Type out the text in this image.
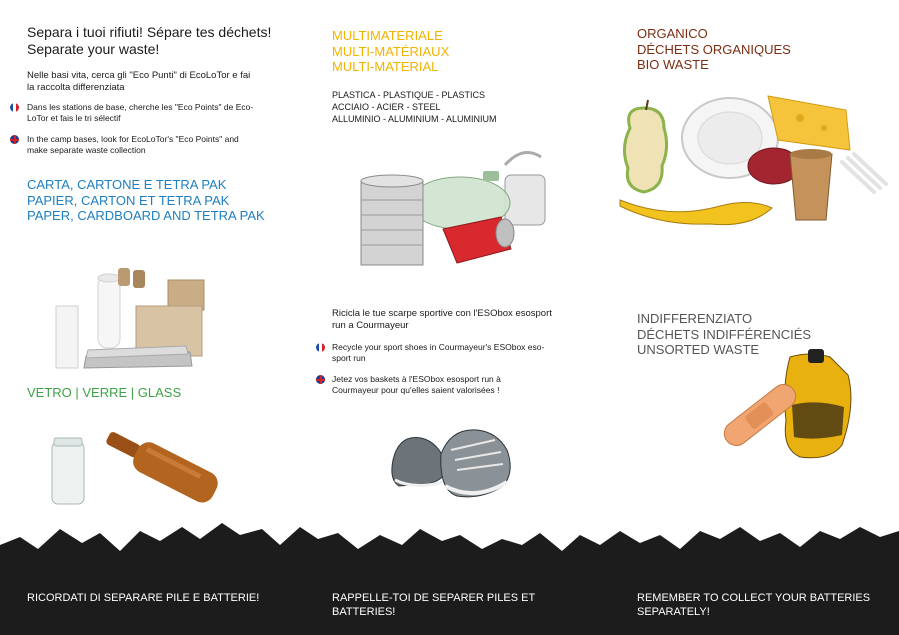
Separa i tuoi rifiuti! Sépare tes déchets!
Separate your waste!
Nelle basi vita, cerca gli "Eco Punti" di EcoLoTor e fai
la raccolta differenziata
Dans les stations de base, cherche les "Eco Points" de Eco-
LoTor et fais le tri sélectif
In the camp bases, look for EcoLoTor's "Eco Points" and
make separate waste collection
CARTA, CARTONE E TETRA PAK
PAPIER, CARTON ET TETRA PAK
PAPER, CARDBOARD AND TETRA PAK
VETRO | VERRE | GLASS
MULTIMATERIALE
MULTI-MATÉRIAUX
MULTI-MATERIAL
PLASTICA - PLASTIQUE - PLASTICS
ACCIAIO - ACIER - STEEL
ALLUMINIO - ALUMINIUM - ALUMINIUM
Ricicla le tue scarpe sportive con l'ESObox esosport
run a Courmayeur
Recycle your sport shoes in Courmayeur's ESObox eso-
sport run
Jetez vos baskets à l'ESObox esosport run à
Courmayeur pour qu'elles saient valorisées !
ORGANICO
DÉCHETS ORGANIQUES
BIO WASTE
INDIFFERENZIATO
DÉCHETS INDIFFÉRENCIÉS
UNSORTED WASTE
RICORDATI DI SEPARARE PILE E BATTERIE!	RAPPELLE-TOI DE SEPARER PILES ET
BATTERIES!
REMEMBER TO COLLECT YOUR BATTERIES
SEPARATELY!
